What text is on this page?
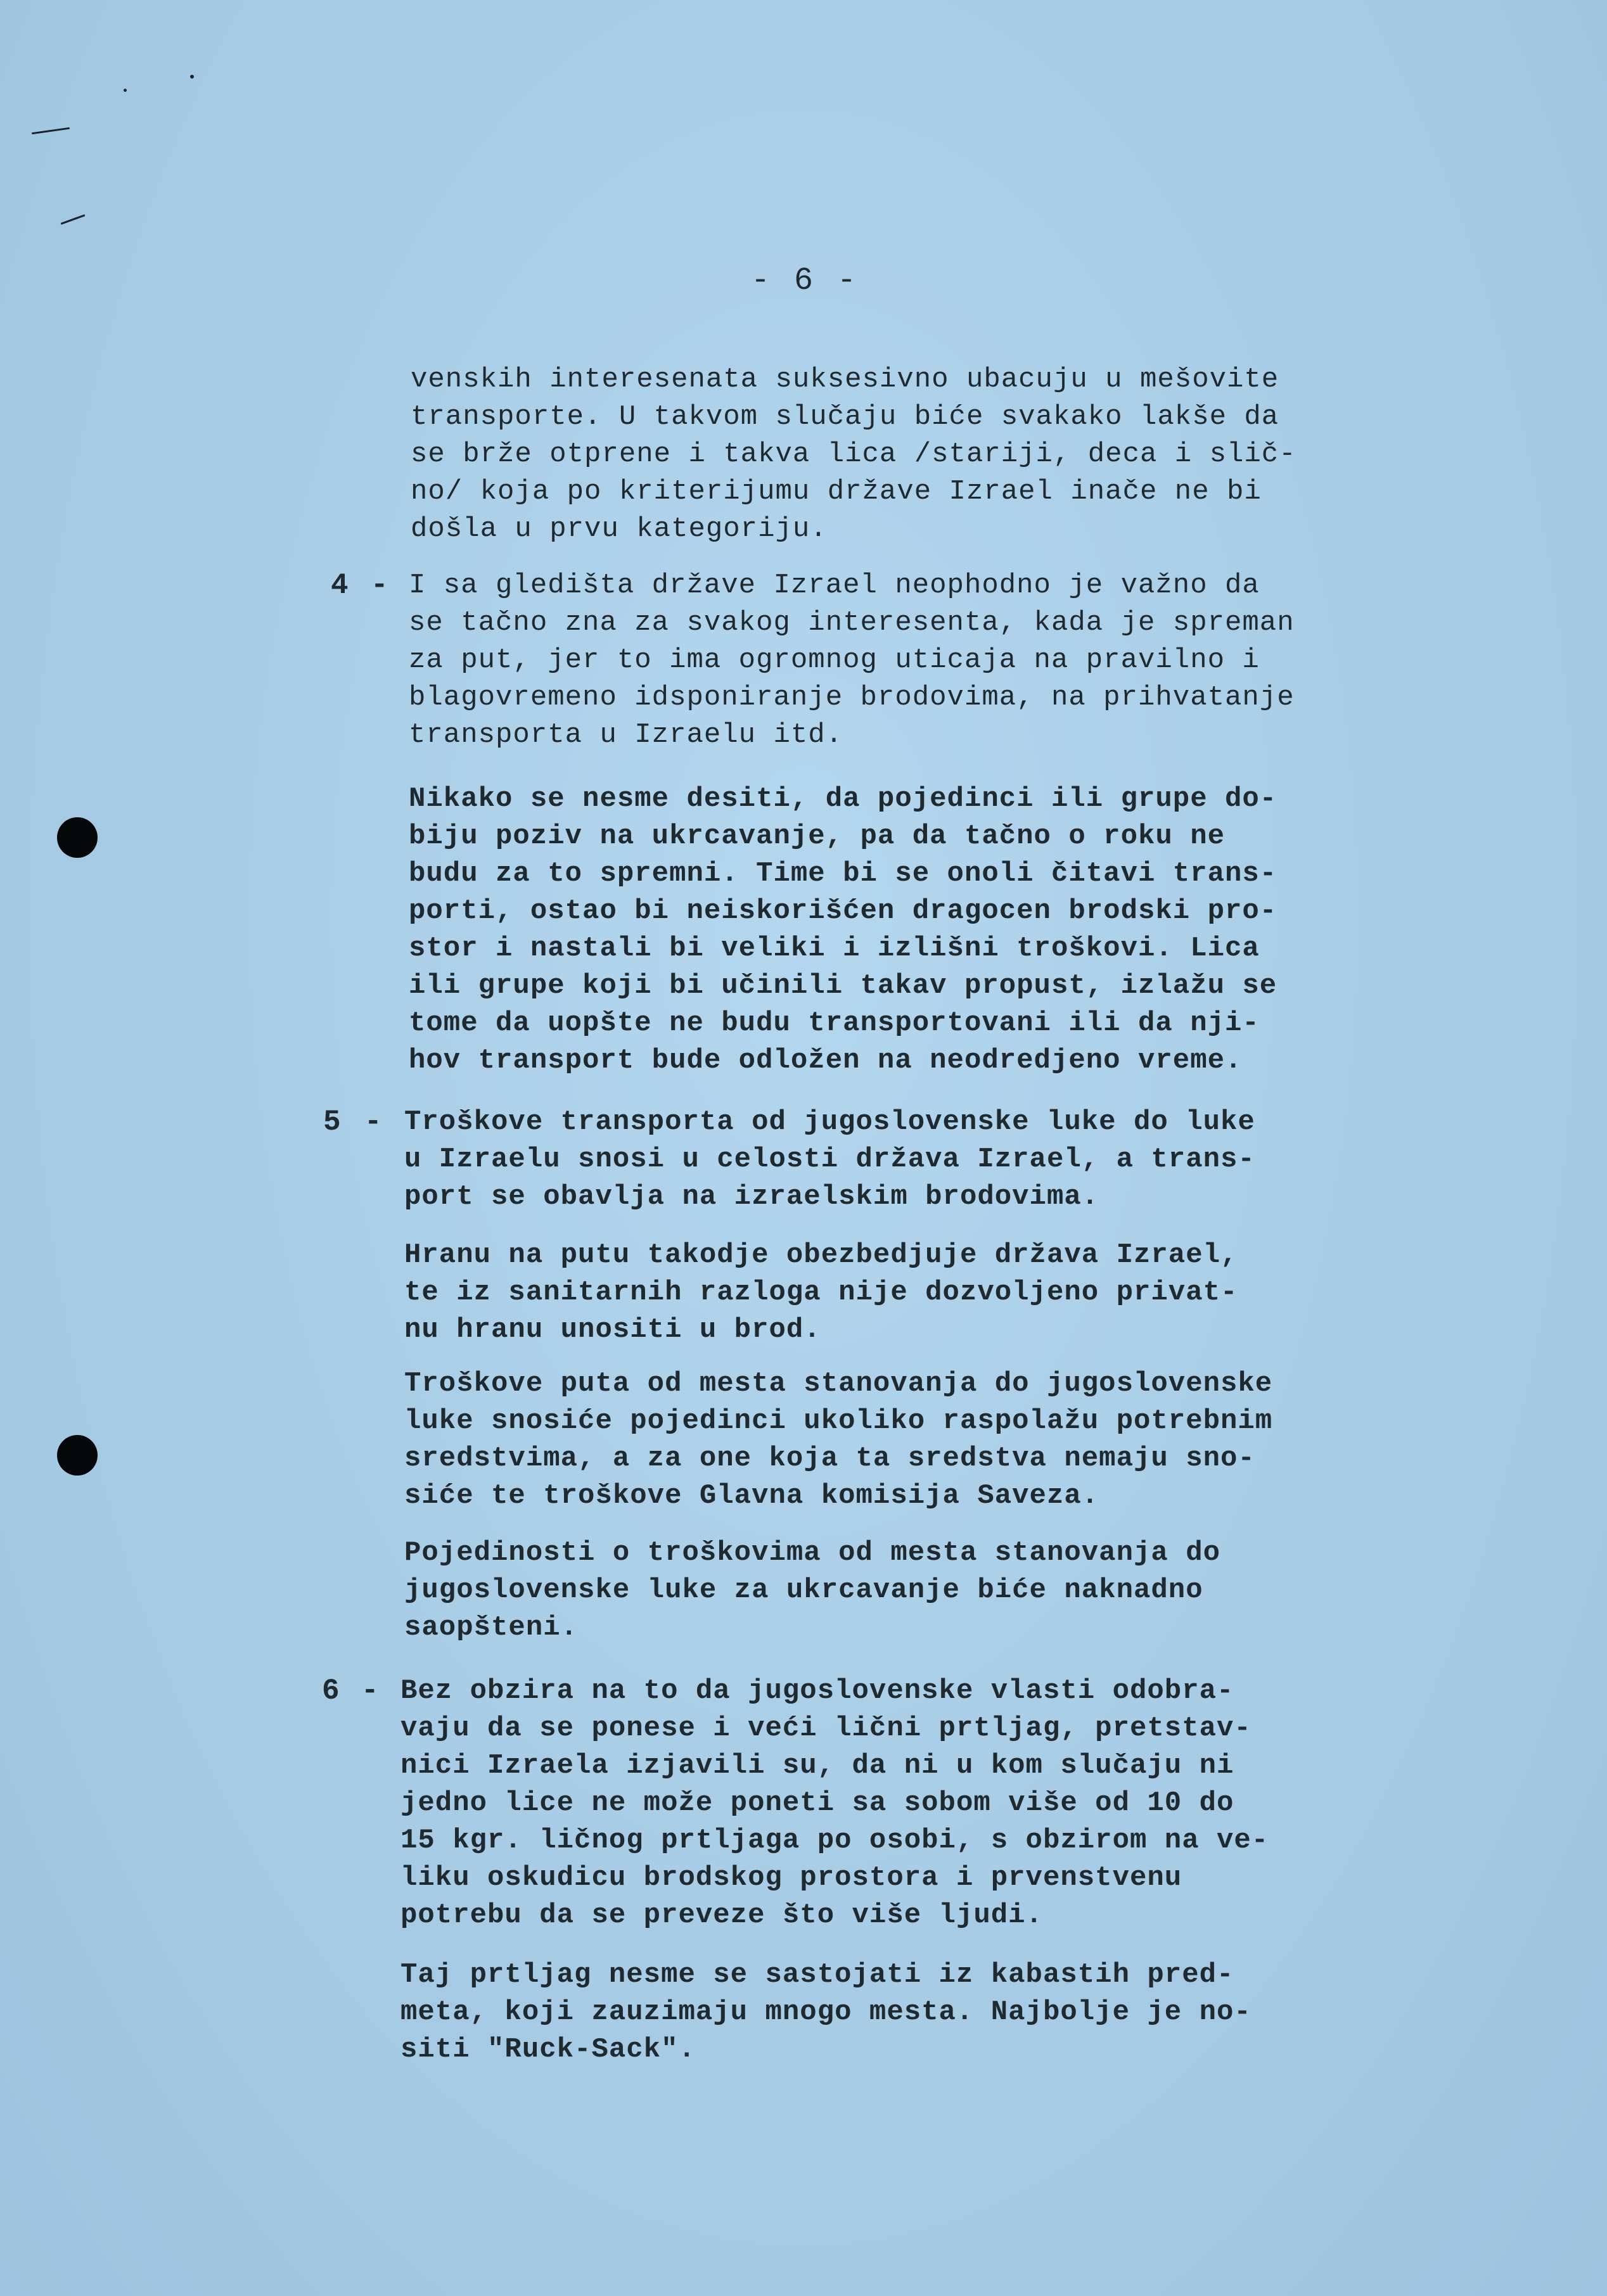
- 6 -
venskih interesenata suksesivno ubacuju u mešovite
transporte. U takvom slučaju biće svakako lakše da
se brže otprene i takva lica /stariji, deca i slič-
no/ koja po kriterijumu države Izrael inače ne bi
došla u prvu kategoriju.
4 - I sa gledišta države Izrael neophodno je važno da
se tačno zna za svakog interesenta, kada je spreman
za put, jer to ima ogromnog uticaja na pravilno i
blagovremeno idsponiranje brodovima, na prihvatanje
transporta u Izraelu itd.
Nikako se nesme desiti, da pojedinci ili grupe do-
biju poziv na ukrcavanje, pa da tačno o roku ne
budu za to spremni. Time bi se onoli čitavi trans-
porti, ostao bi neiskorišćen dragocen brodski pro-
stor i nastali bi veliki i izlišni troškovi. Lica
ili grupe koji bi učinili takav propust, izlažu se
tome da uopšte ne budu transportovani ili da nji-
hov transport bude odložen na neodredjeno vreme.
5 - Troškove transporta od jugoslovenske luke do luke
u Izraelu snosi u celosti država Izrael, a trans-
port se obavlja na izraelskim brodovima.
Hranu na putu takodje obezbedjuje država Izrael,
te iz sanitarnih razloga nije dozvoljeno privat-
nu hranu unositi u brod.
Troškove puta od mesta stanovanja do jugoslovenske
luke snosiće pojedinci ukoliko raspolažu potrebnim
sredstvima, a za one koja ta sredstva nemaju sno-
siće te troškove Glavna komisija Saveza.
Pojedinosti o troškovima od mesta stanovanja do
jugoslovenske luke za ukrcavanje biće naknadno
saopšteni.
6 - Bez obzira na to da jugoslovenske vlasti odobra-
vaju da se ponese i veći lični prtljag, pretstav-
nici Izraela izjavili su, da ni u kom slučaju ni
jedno lice ne može poneti sa sobom više od 10 do
15 kgr. ličnog prtljaga po osobi, s obzirom na ve-
liku oskudicu brodskog prostora i prvenstvenu
potrebu da se preveze što više ljudi.
Taj prtljag nesme se sastojati iz kabastih pred-
meta, koji zauzimaju mnogo mesta. Najbolje je no-
siti "Ruck-Sack".
